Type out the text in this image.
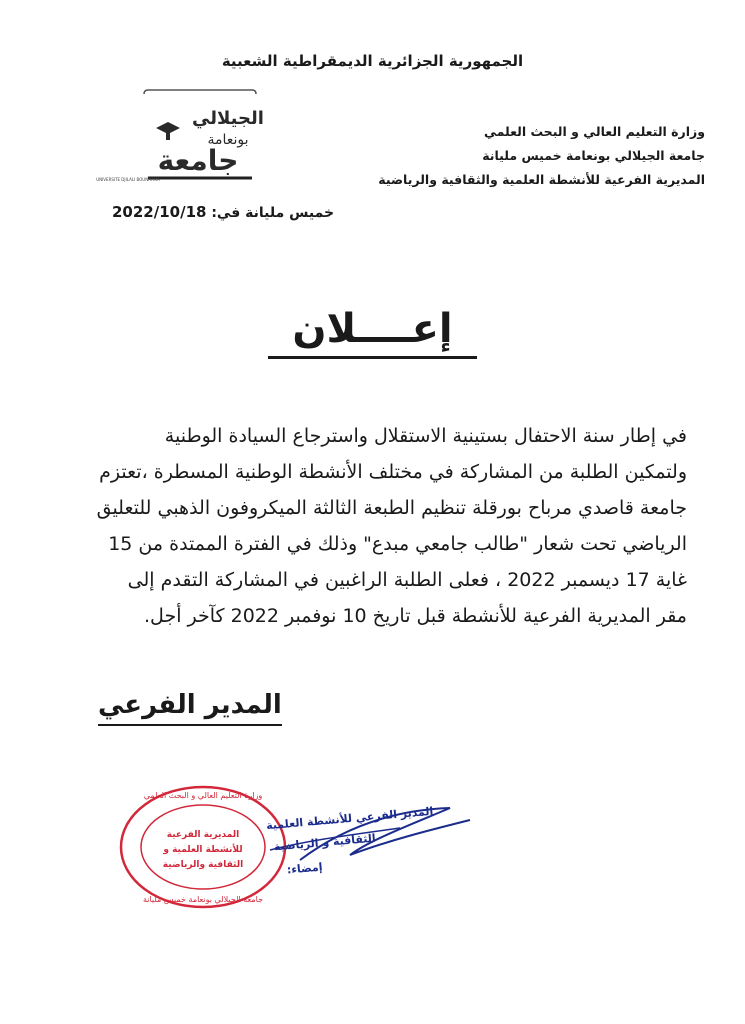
الجمهورية الجزائرية الديمقراطية الشعبية
وزارة التعليم العالي و البحث العلمي
جامعة الجيلالي بونعامة خميس مليانة
المديرية الفرعية للأنشطة العلمية والثقافية والرياضية
الجيلالي
بونعامة
جامعة
UNIVERSITE DJILALI BOUNAAMA
خميس مليانة في: 2022/10/18
إعــــلان
في إطار سنة الاحتفال بستينية الاستقلال واسترجاع السيادة الوطنية
ولتمكين الطلبة من المشاركة في مختلف الأنشطة الوطنية المسطرة ،تعتزم
جامعة قاصدي مرباح بورقلة تنظيم الطبعة الثالثة الميكروفون الذهبي للتعليق
الرياضي تحت شعار "طالب جامعي مبدع" وذلك في الفترة الممتدة من 15
غاية 17 ديسمبر 2022 ، فعلى الطلبة الراغبين في المشاركة التقدم إلى
مقر المديرية الفرعية للأنشطة قبل تاريخ 10 نوفمبر 2022 كآخر أجل.
المدير الفرعي
المديرية الفرعية
للأنشطة العلمية و
الثقافية والرياضية
جامعة الجيلالي بونعامة خميس مليانة
وزارة التعليم العالي و البحث العلمي
المدير الفرعي للأنشطة العلمية
الثقافية و الرياضية
إمضاء:
